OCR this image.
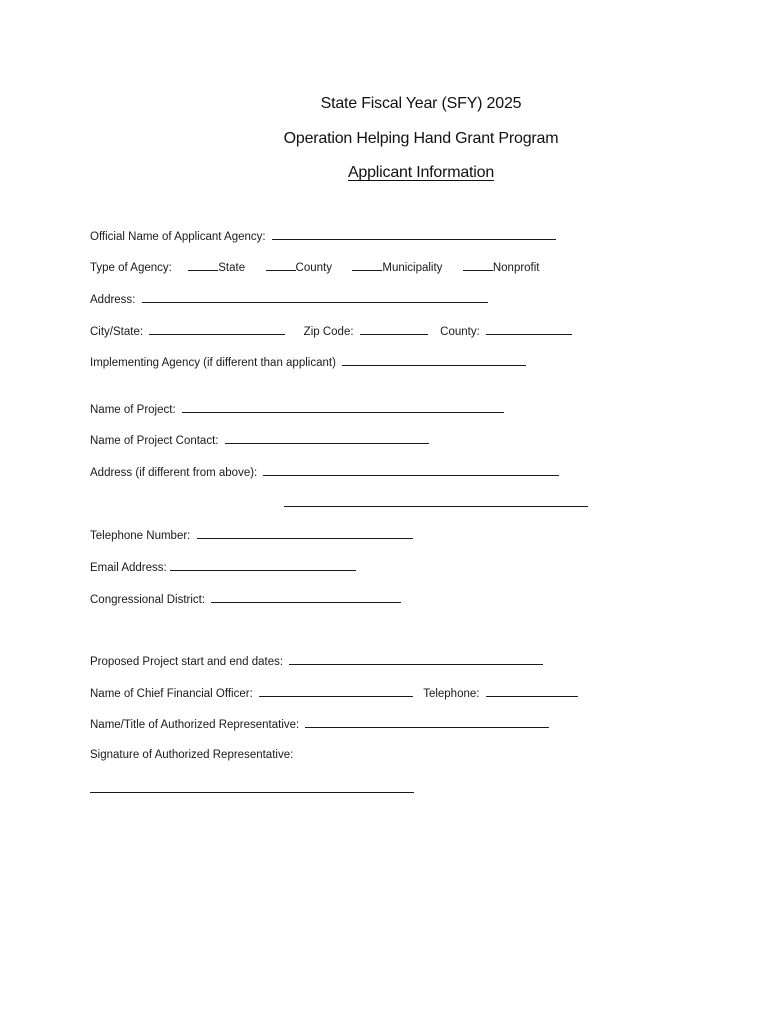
State Fiscal Year (SFY) 2025
Operation Helping Hand Grant Program
Applicant Information
Official Name of Applicant Agency:
Type of Agency:	State	County	Municipality	Nonprofit
Address:
City/State:	Zip Code:	County:
Implementing Agency (if different than applicant)
Name of Project:
Name of Project Contact:
Address (if different from above):
Telephone Number:
Email Address:
Congressional District:
Proposed Project start and end dates:
Name of Chief Financial Officer:	Telephone:
Name/Title of Authorized Representative:
Signature of Authorized Representative:
